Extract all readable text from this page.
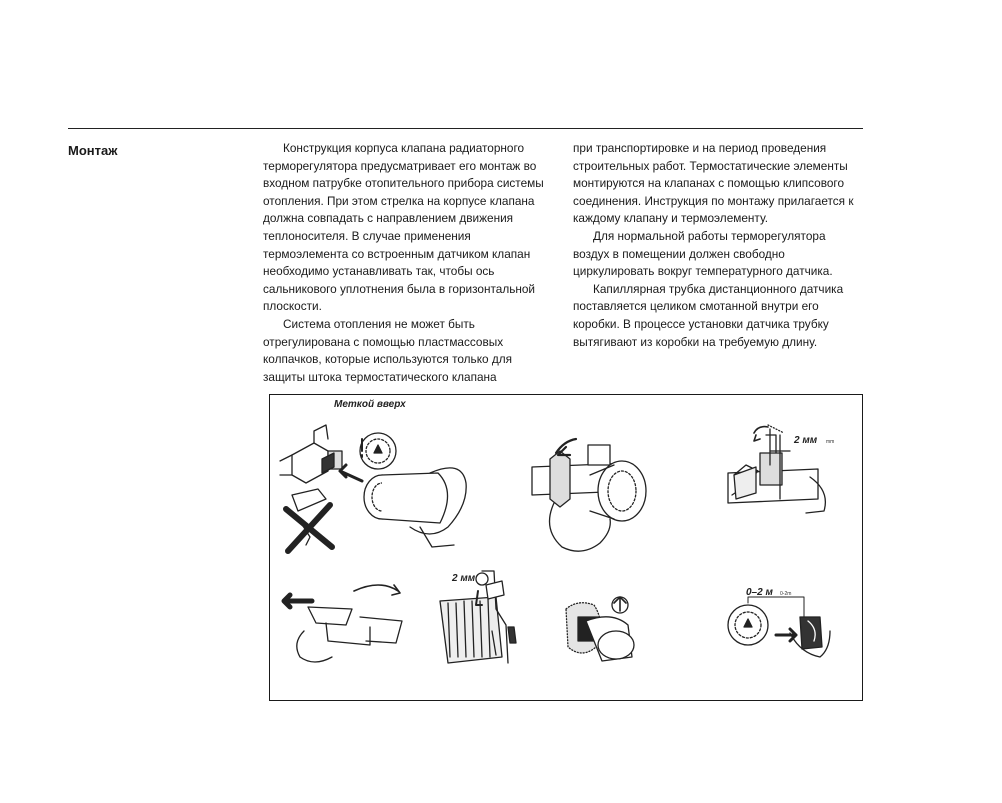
Монтаж	Конструкция корпуса клапана радиаторного терморегулятора предусматривает его монтаж во входном патрубке отопительного прибора системы отопления. При этом стрелка на корпусе клапана должна совпадать с направлением движения теплоносителя. В случае применения термоэлемента со встроенным датчиком клапан необходимо устанавливать так, чтобы ось сальникового уплотнения была в горизонтальной плоскости.

Система отопления не может быть отрегулирована с помощью пластмассовых колпачков, которые используются только для защиты штока термостатического клапана

при транспортировке и на период проведения строительных работ. Термостатические элементы монтируются на клапанах с помощью клипсового соединения. Инструкция по монтажу прилагается к каждому клапану и термоэлементу.

Для нормальной работы терморегулятора воздух в помещении должен свободно циркулировать вокруг температурного датчика.

Капиллярная трубка дистанционного датчика поставляется целиком смотанной внутри его коробки. В процессе установки датчика трубку вытягивают из коробки на требуемую длину.

Меткой вверх

2 мм mm

2 мм

0–2 м 0-2m
